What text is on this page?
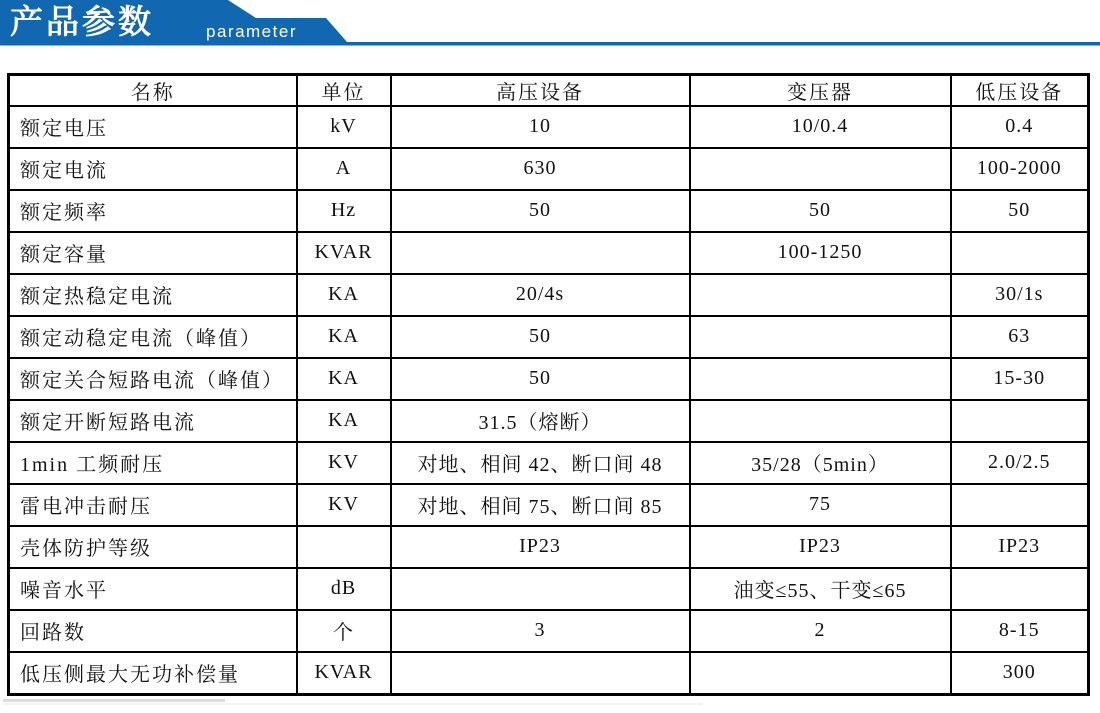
产品参数	parameter
名称	单位	高压设备	变压器	低压设备
额定电压	kV	10	10/0.4	0.4
额定电流	A	630		100-2000
额定频率	Hz	50	50	50
额定容量	KVAR		100-1250	
额定热稳定电流	KA	20/4s		30/1s
额定动稳定电流（峰值）	KA	50		63
额定关合短路电流（峰值）	KA	50		15-30
额定开断短路电流	KA	31.5（熔断）		
1min 工频耐压	KV	对地、相间 42、断口间 48	35/28（5min）	2.0/2.5
雷电冲击耐压	KV	对地、相间 75、断口间 85	75	
壳体防护等级		IP23	IP23	IP23
噪音水平	dB		油变≤55、干变≤65	
回路数	个	3	2	8-15
低压侧最大无功补偿量	KVAR			300
